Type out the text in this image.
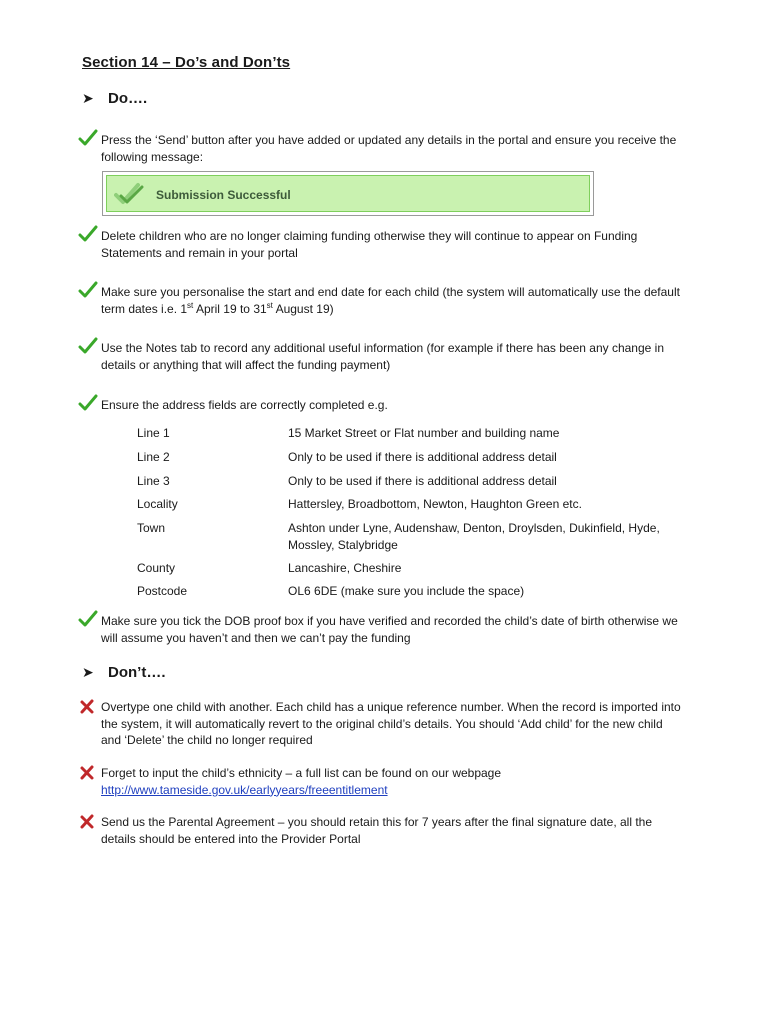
Section 14 – Do’s and Don’ts
➤ Do….
Press the ‘Send’ button after you have added or updated any details in the portal and ensure you receive the following message:
Submission Successful
Delete children who are no longer claiming funding otherwise they will continue to appear on Funding Statements and remain in your portal
Make sure you personalise the start and end date for each child (the system will automatically use the default term dates i.e. 1st April 19 to 31st August 19)
Use the Notes tab to record any additional useful information (for example if there has been any change in details or anything that will affect the funding payment)
Ensure the address fields are correctly completed e.g.
Line 1	15 Market Street or Flat number and building name
Line 2	Only to be used if there is additional address detail
Line 3	Only to be used if there is additional address detail
Locality	Hattersley, Broadbottom, Newton, Haughton Green etc.
Town	Ashton under Lyne, Audenshaw, Denton, Droylsden, Dukinfield, Hyde, Mossley, Stalybridge
County	Lancashire, Cheshire
Postcode	OL6 6DE (make sure you include the space)
Make sure you tick the DOB proof box if you have verified and recorded the child’s date of birth otherwise we will assume you haven’t and then we can’t pay the funding
➤ Don’t….
Overtype one child with another. Each child has a unique reference number. When the record is imported into the system, it will automatically revert to the original child’s details. You should ‘Add child’ for the new child and ‘Delete’ the child no longer required
Forget to input the child’s ethnicity – a full list can be found on our webpage
http://www.tameside.gov.uk/earlyyears/freeentitlement
Send us the Parental Agreement – you should retain this for 7 years after the final signature date, all the details should be entered into the Provider Portal
